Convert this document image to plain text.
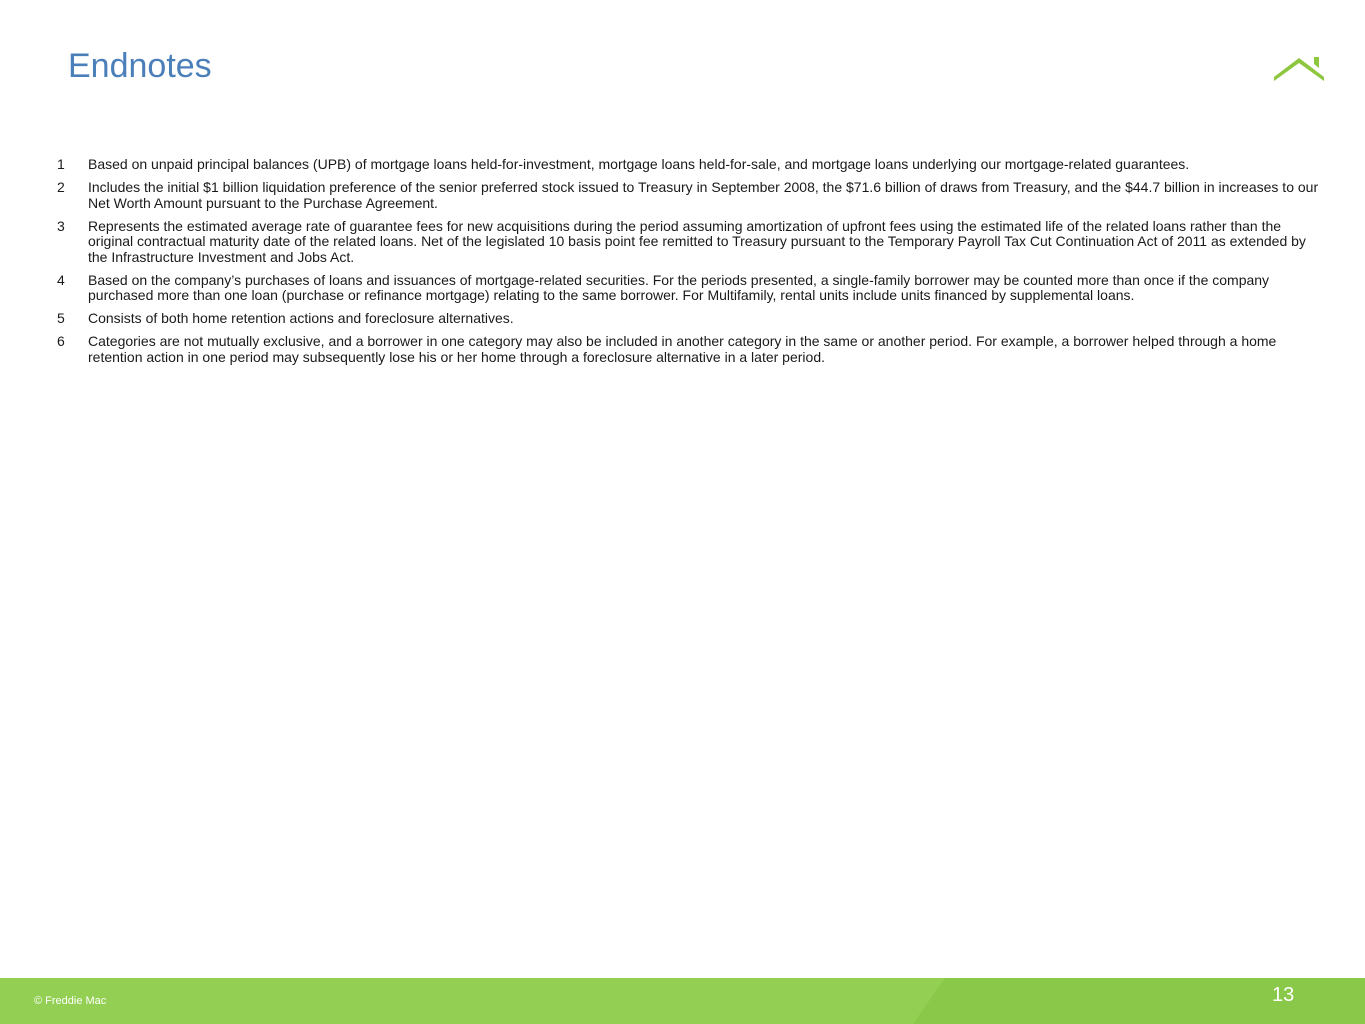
Endnotes
1 Based on unpaid principal balances (UPB) of mortgage loans held-for-investment, mortgage loans held-for-sale, and mortgage loans underlying our mortgage-related guarantees.
2 Includes the initial $1 billion liquidation preference of the senior preferred stock issued to Treasury in September 2008, the $71.6 billion of draws from Treasury, and the $44.7 billion in increases to our Net Worth Amount pursuant to the Purchase Agreement.
3 Represents the estimated average rate of guarantee fees for new acquisitions during the period assuming amortization of upfront fees using the estimated life of the related loans rather than the original contractual maturity date of the related loans. Net of the legislated 10 basis point fee remitted to Treasury pursuant to the Temporary Payroll Tax Cut Continuation Act of 2011 as extended by the Infrastructure Investment and Jobs Act.
4 Based on the company’s purchases of loans and issuances of mortgage-related securities. For the periods presented, a single-family borrower may be counted more than once if the company purchased more than one loan (purchase or refinance mortgage) relating to the same borrower. For Multifamily, rental units include units financed by supplemental loans.
5 Consists of both home retention actions and foreclosure alternatives.
6 Categories are not mutually exclusive, and a borrower in one category may also be included in another category in the same or another period. For example, a borrower helped through a home retention action in one period may subsequently lose his or her home through a foreclosure alternative in a later period.
© Freddie Mac	13
